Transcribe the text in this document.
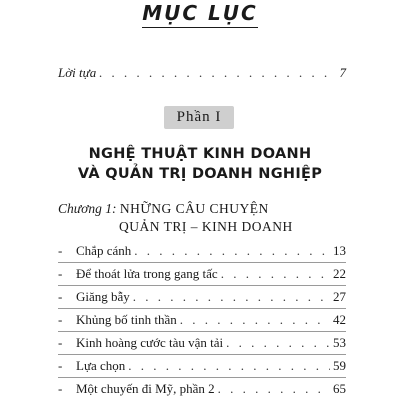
MỤC LỤC
Lời tựa . . .	7
Phần I
NGHỆ THUẬT KINH DOANH
VÀ QUẢN TRỊ DOANH NGHIỆP
Chương 1: NHỮNG CÂU CHUYỆN
QUẢN TRỊ – KINH DOANH
- Chắp cánh . . .	13
- Để thoát lửa trong gang tấc . . .	22
- Giăng bẫy . . .	27
- Khủng bố tinh thần . . .	42
- Kinh hoàng cước tàu vận tải . . .	53
- Lựa chọn . . .	59
- Một chuyến đi Mỹ, phần 2 . . .	65
